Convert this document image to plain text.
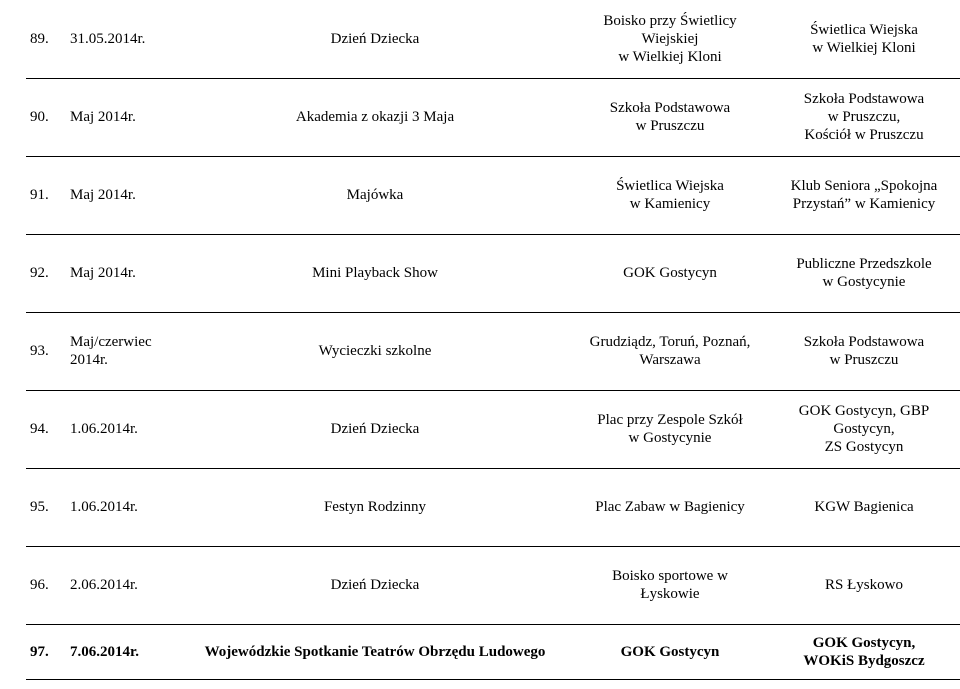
89.	31.05.2014r.	Dzień Dziecka	Boisko przy Świetlicy
Wiejskiej
w Wielkiej Kloni	Świetlica Wiejska
w Wielkiej Kloni
90.	Maj 2014r.	Akademia z okazji 3 Maja	Szkoła Podstawowa
w Pruszczu	Szkoła Podstawowa
w Pruszczu,
Kościół w Pruszczu
91.	Maj 2014r.	Majówka	Świetlica Wiejska
w Kamienicy	Klub Seniora „Spokojna
Przystań” w Kamienicy
92.	Maj 2014r.	Mini Playback Show	GOK Gostycyn	Publiczne Przedszkole
w Gostycynie
93.	Maj/czerwiec 2014r.	Wycieczki szkolne	Grudziądz, Toruń, Poznań,
Warszawa	Szkoła Podstawowa
w Pruszczu
94.	1.06.2014r.	Dzień Dziecka	Plac przy Zespole Szkół
w Gostycynie	GOK Gostycyn, GBP Gostycyn,
ZS Gostycyn
95.	1.06.2014r.	Festyn Rodzinny	Plac Zabaw w Bagienicy	KGW Bagienica
96.	2.06.2014r.	Dzień Dziecka	Boisko sportowe w
Łyskowie	RS Łyskowo
97.	7.06.2014r.	Wojewódzkie Spotkanie Teatrów Obrzędu Ludowego	GOK Gostycyn	GOK Gostycyn,
WOKiS Bydgoszcz
